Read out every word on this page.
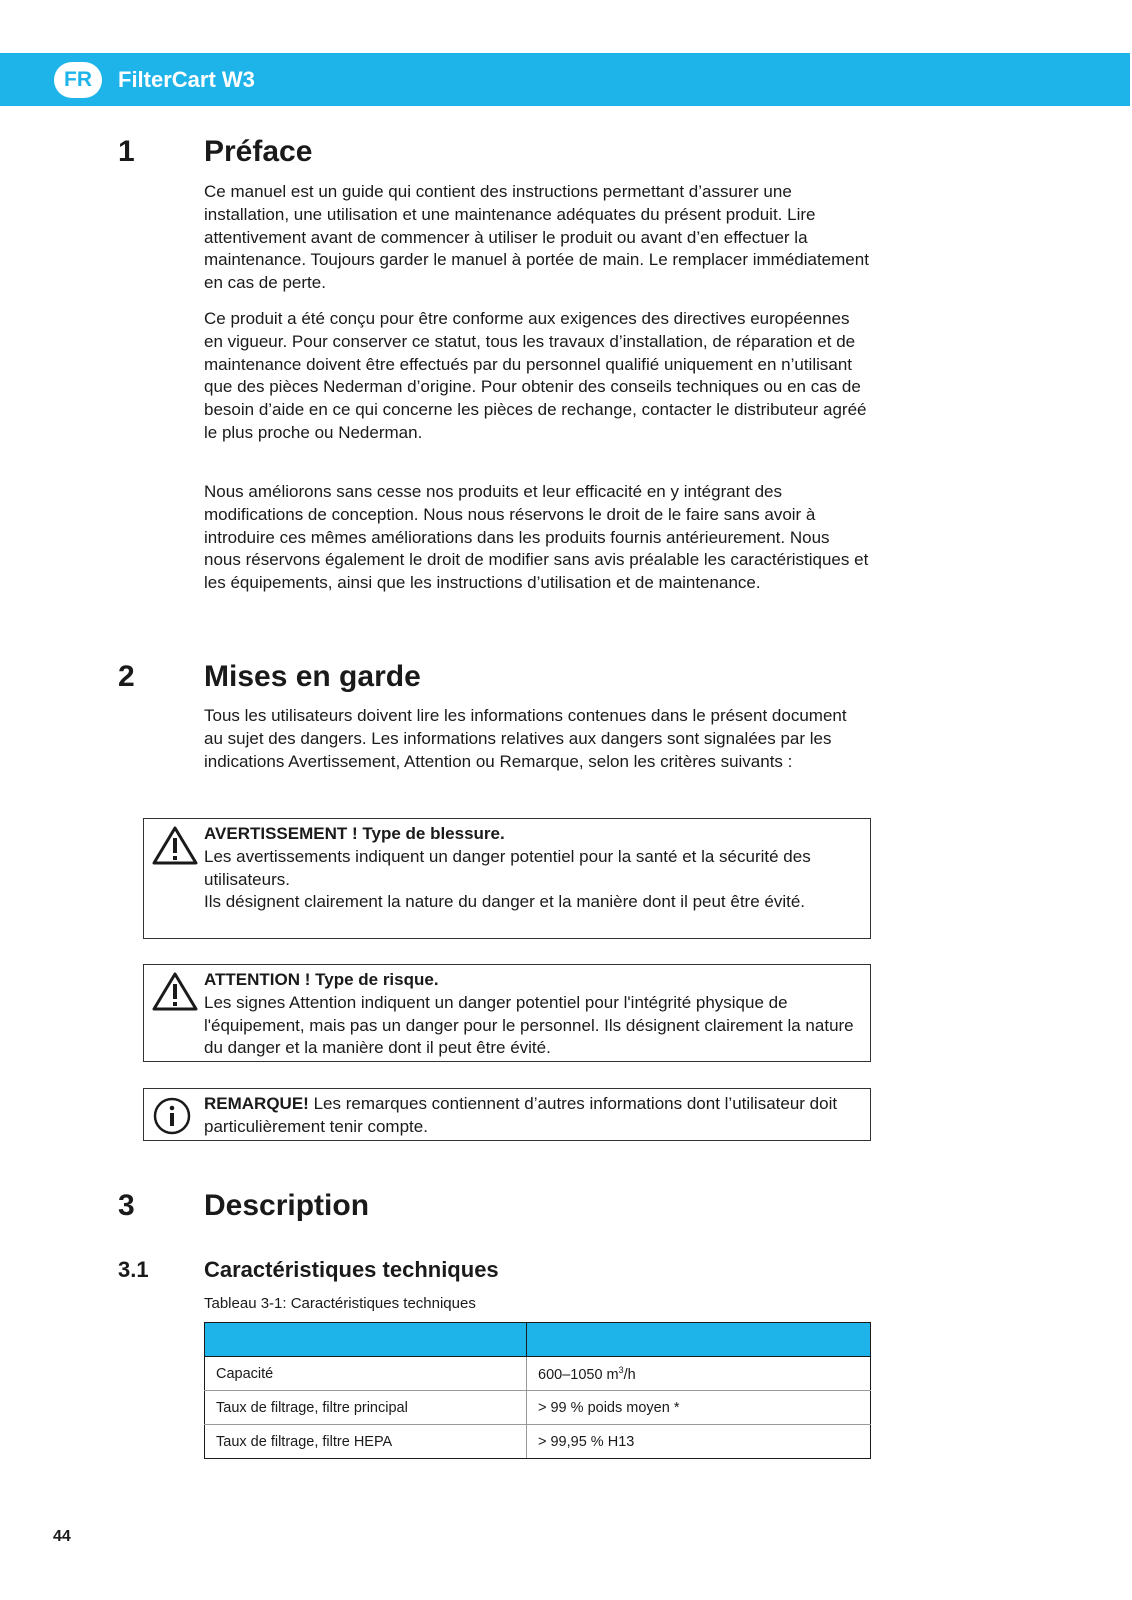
FR	FilterCart W3
1 Préface

Ce manuel est un guide qui contient des instructions permettant d’assurer une installation, une utilisation et une maintenance adéquates du présent produit. Lire attentivement avant de commencer à utiliser le produit ou avant d’en effectuer la maintenance. Toujours garder le manuel à portée de main. Le remplacer immédiatement en cas de perte.

Ce produit a été conçu pour être conforme aux exigences des directives européennes en vigueur. Pour conserver ce statut, tous les travaux d’installation, de réparation et de maintenance doivent être effectués par du personnel qualifié uniquement en n’utilisant que des pièces Nederman d’origine. Pour obtenir des conseils techniques ou en cas de besoin d’aide en ce qui concerne les pièces de rechange, contacter le distributeur agréé le plus proche ou Nederman.

Nous améliorons sans cesse nos produits et leur efficacité en y intégrant des modifications de conception. Nous nous réservons le droit de le faire sans avoir à introduire ces mêmes améliorations dans les produits fournis antérieurement. Nous nous réservons également le droit de modifier sans avis préalable les caractéristiques et les équipements, ainsi que les instructions d’utilisation et de maintenance.

2 Mises en garde

Tous les utilisateurs doivent lire les informations contenues dans le présent document au sujet des dangers. Les informations relatives aux dangers sont signalées par les indications Avertissement, Attention ou Remarque, selon les critères suivants :

AVERTISSEMENT ! Type de blessure.
Les avertissements indiquent un danger potentiel pour la santé et la sécurité des utilisateurs.
Ils désignent clairement la nature du danger et la manière dont il peut être évité.
ATTENTION ! Type de risque.
Les signes Attention indiquent un danger potentiel pour l'intégrité physique de l'équipement, mais pas un danger pour le personnel. Ils désignent clairement la nature du danger et la manière dont il peut être évité.
REMARQUE! Les remarques contiennent d’autres informations dont l’utilisateur doit particulièrement tenir compte.
3 Description
3.1	Caractéristiques techniques
Tableau 3-1: Caractéristiques techniques

Capacité	600–1050 $m^3/h$
Taux de filtrage, filtre principal	> 99 % poids moyen *
Taux de filtrage, filtre HEPA	> 99,95 % H13
44
